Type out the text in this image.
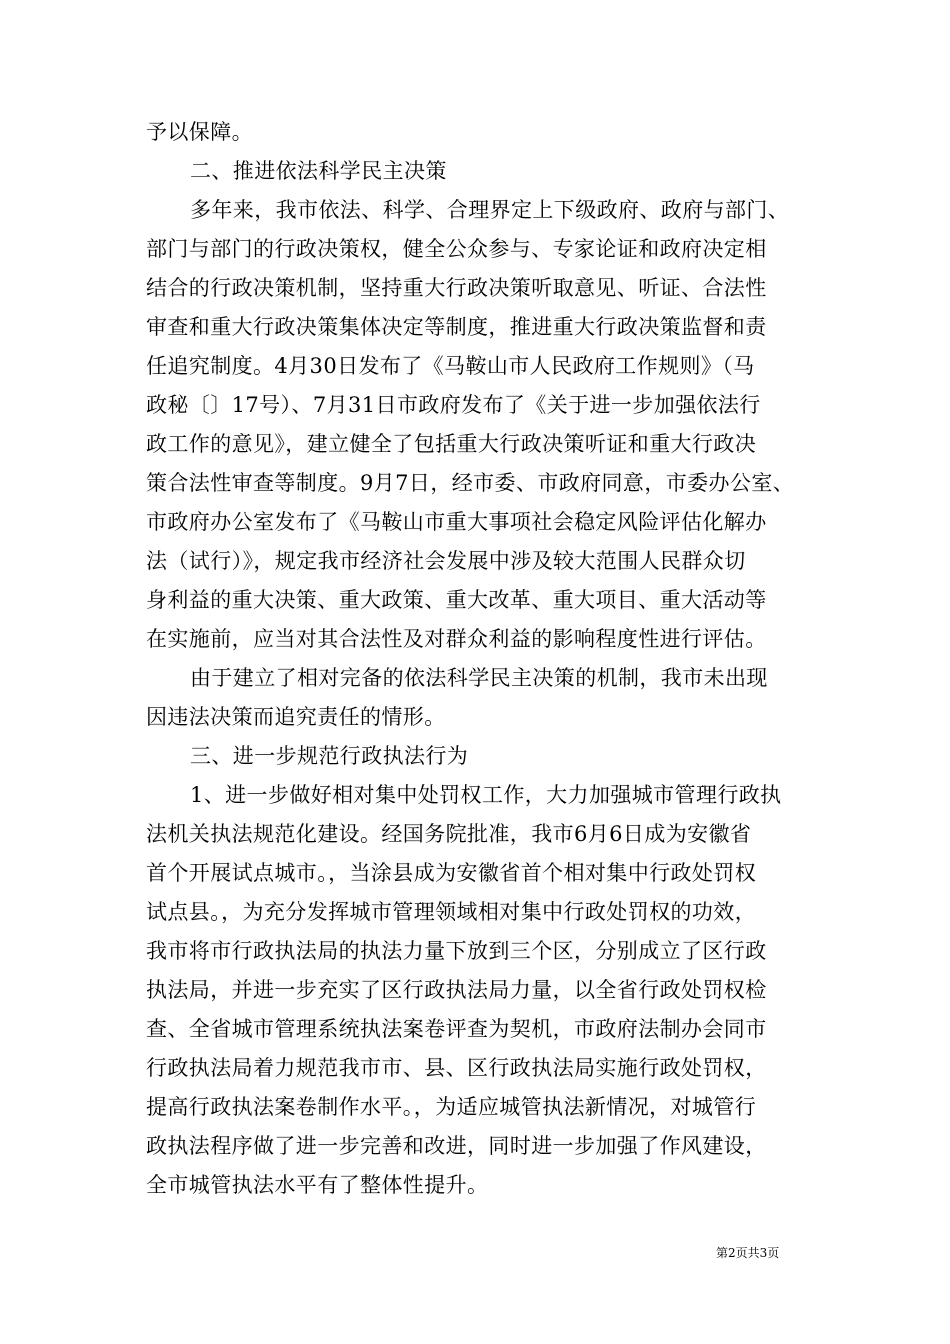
予以保障。
二、推进依法科学民主决策
多年来，我市依法、科学、合理界定上下级政府、政府与部门、
部门与部门的行政决策权，健全公众参与、专家论证和政府决定相
结合的行政决策机制，坚持重大行政决策听取意见、听证、合法性
审查和重大行政决策集体决定等制度，推进重大行政决策监督和责
任追究制度。4月30日发布了《马鞍山市人民政府工作规则》（马
政秘〔〕17号）、7月31日市政府发布了《关于进一步加强依法行
政工作的意见》，建立健全了包括重大行政决策听证和重大行政决
策合法性审查等制度。9月7日，经市委、市政府同意，市委办公室、
市政府办公室发布了《马鞍山市重大事项社会稳定风险评估化解办
法（试行）》，规定我市经济社会发展中涉及较大范围人民群众切
身利益的重大决策、重大政策、重大改革、重大项目、重大活动等
在实施前，应当对其合法性及对群众利益的影响程度性进行评估。
由于建立了相对完备的依法科学民主决策的机制，我市未出现
因违法决策而追究责任的情形。
三、进一步规范行政执法行为
1、进一步做好相对集中处罚权工作，大力加强城市管理行政执
法机关执法规范化建设。经国务院批准，我市6月6日成为安徽省
首个开展试点城市。，当涂县成为安徽省首个相对集中行政处罚权
试点县。，为充分发挥城市管理领域相对集中行政处罚权的功效，
我市将市行政执法局的执法力量下放到三个区，分别成立了区行政
执法局，并进一步充实了区行政执法局力量，以全省行政处罚权检
查、全省城市管理系统执法案卷评查为契机，市政府法制办会同市
行政执法局着力规范我市市、县、区行政执法局实施行政处罚权，
提高行政执法案卷制作水平。，为适应城管执法新情况，对城管行
政执法程序做了进一步完善和改进，同时进一步加强了作风建设，
全市城管执法水平有了整体性提升。
第2页共3页
